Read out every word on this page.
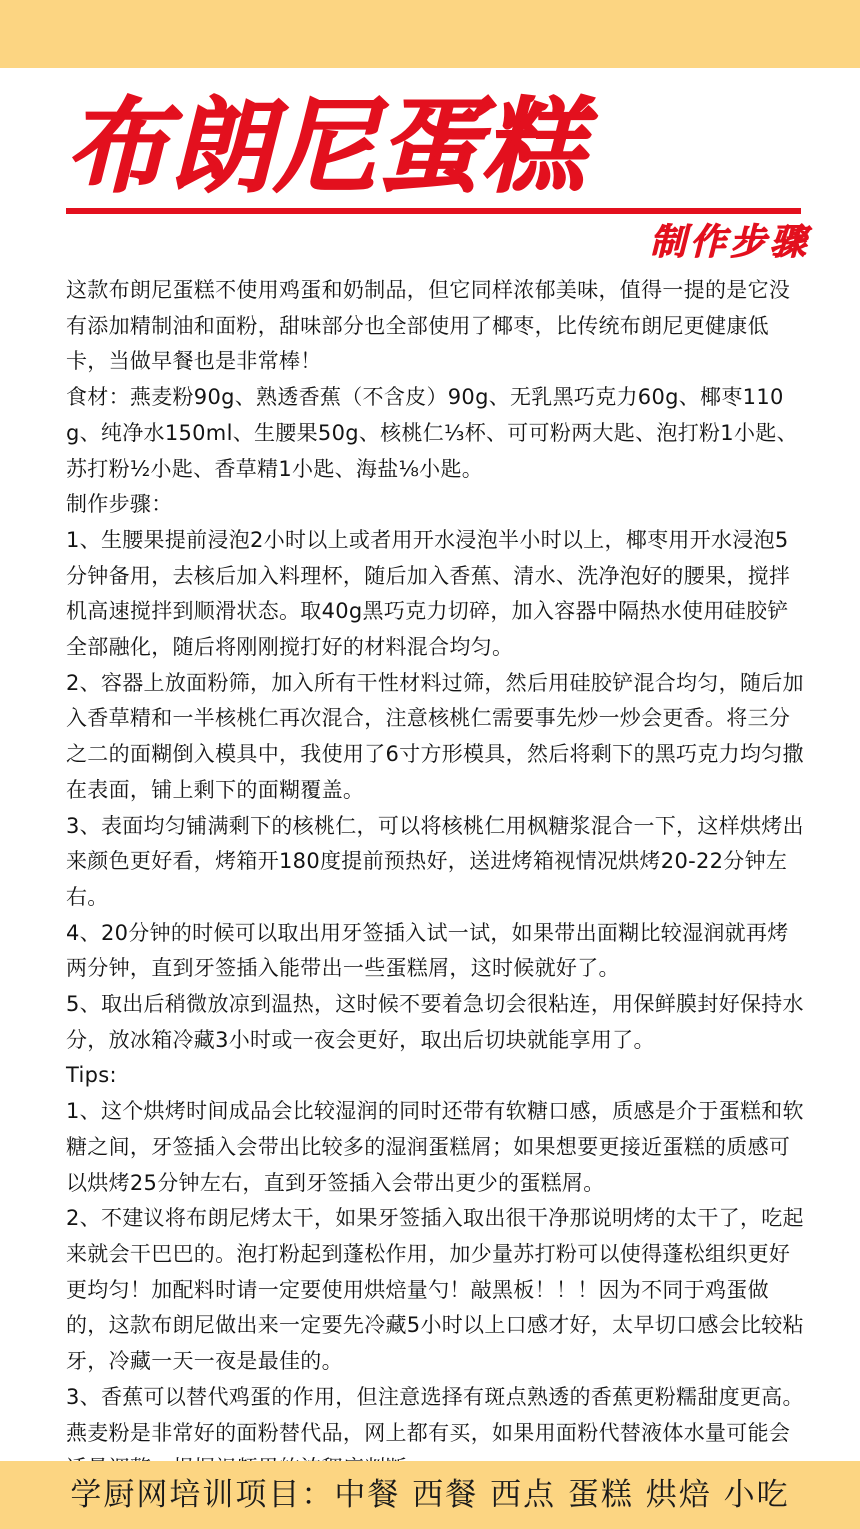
布朗尼蛋糕
制作步骤

这款布朗尼蛋糕不使用鸡蛋和奶制品，但它同样浓郁美味，值得一提的是它没有添加精制油和面粉，甜味部分也全部使用了椰枣，比传统布朗尼更健康低卡，当做早餐也是非常棒！

食材：燕麦粉90g、熟透香蕉（不含皮）90g、无乳黑巧克力60g、椰枣110g、纯净水150ml、生腰果50g、核桃仁⅓杯、可可粉两大匙、泡打粉1小匙、苏打粉½小匙、香草精1小匙、海盐⅛小匙。

制作步骤：

1、生腰果提前浸泡2小时以上或者用开水浸泡半小时以上，椰枣用开水浸泡5分钟备用，去核后加入料理杯，随后加入香蕉、清水、洗净泡好的腰果，搅拌机高速搅拌到顺滑状态。取40g黑巧克力切碎，加入容器中隔热水使用硅胶铲全部融化，随后将刚刚搅打好的材料混合均匀。

2、容器上放面粉筛，加入所有干性材料过筛，然后用硅胶铲混合均匀，随后加入香草精和一半核桃仁再次混合，注意核桃仁需要事先炒一炒会更香。将三分之二的面糊倒入模具中，我使用了6寸方形模具，然后将剩下的黑巧克力均匀撒在表面，铺上剩下的面糊覆盖。

3、表面均匀铺满剩下的核桃仁，可以将核桃仁用枫糖浆混合一下，这样烘烤出来颜色更好看，烤箱开180度提前预热好，送进烤箱视情况烘烤20-22分钟左右。

4、20分钟的时候可以取出用牙签插入试一试，如果带出面糊比较湿润就再烤两分钟，直到牙签插入能带出一些蛋糕屑，这时候就好了。

5、取出后稍微放凉到温热，这时候不要着急切会很粘连，用保鲜膜封好保持水分，放冰箱冷藏3小时或一夜会更好，取出后切块就能享用了。

Tips:

1、这个烘烤时间成品会比较湿润的同时还带有软糖口感，质感是介于蛋糕和软糖之间，牙签插入会带出比较多的湿润蛋糕屑；如果想要更接近蛋糕的质感可以烘烤25分钟左右，直到牙签插入会带出更少的蛋糕屑。

2、不建议将布朗尼烤太干，如果牙签插入取出很干净那说明烤的太干了，吃起来就会干巴巴的。泡打粉起到蓬松作用，加少量苏打粉可以使得蓬松组织更好更均匀！加配料时请一定要使用烘焙量勺！敲黑板！！！因为不同于鸡蛋做的，这款布朗尼做出来一定要先冷藏5小时以上口感才好，太早切口感会比较粘牙，冷藏一天一夜是最佳的。

3、香蕉可以替代鸡蛋的作用，但注意选择有斑点熟透的香蕉更粉糯甜度更高。燕麦粉是非常好的面粉替代品，网上都有买，如果用面粉代替液体水量可能会

学厨网培训项目：中餐 西餐 西点 蛋糕 烘焙 小吃
